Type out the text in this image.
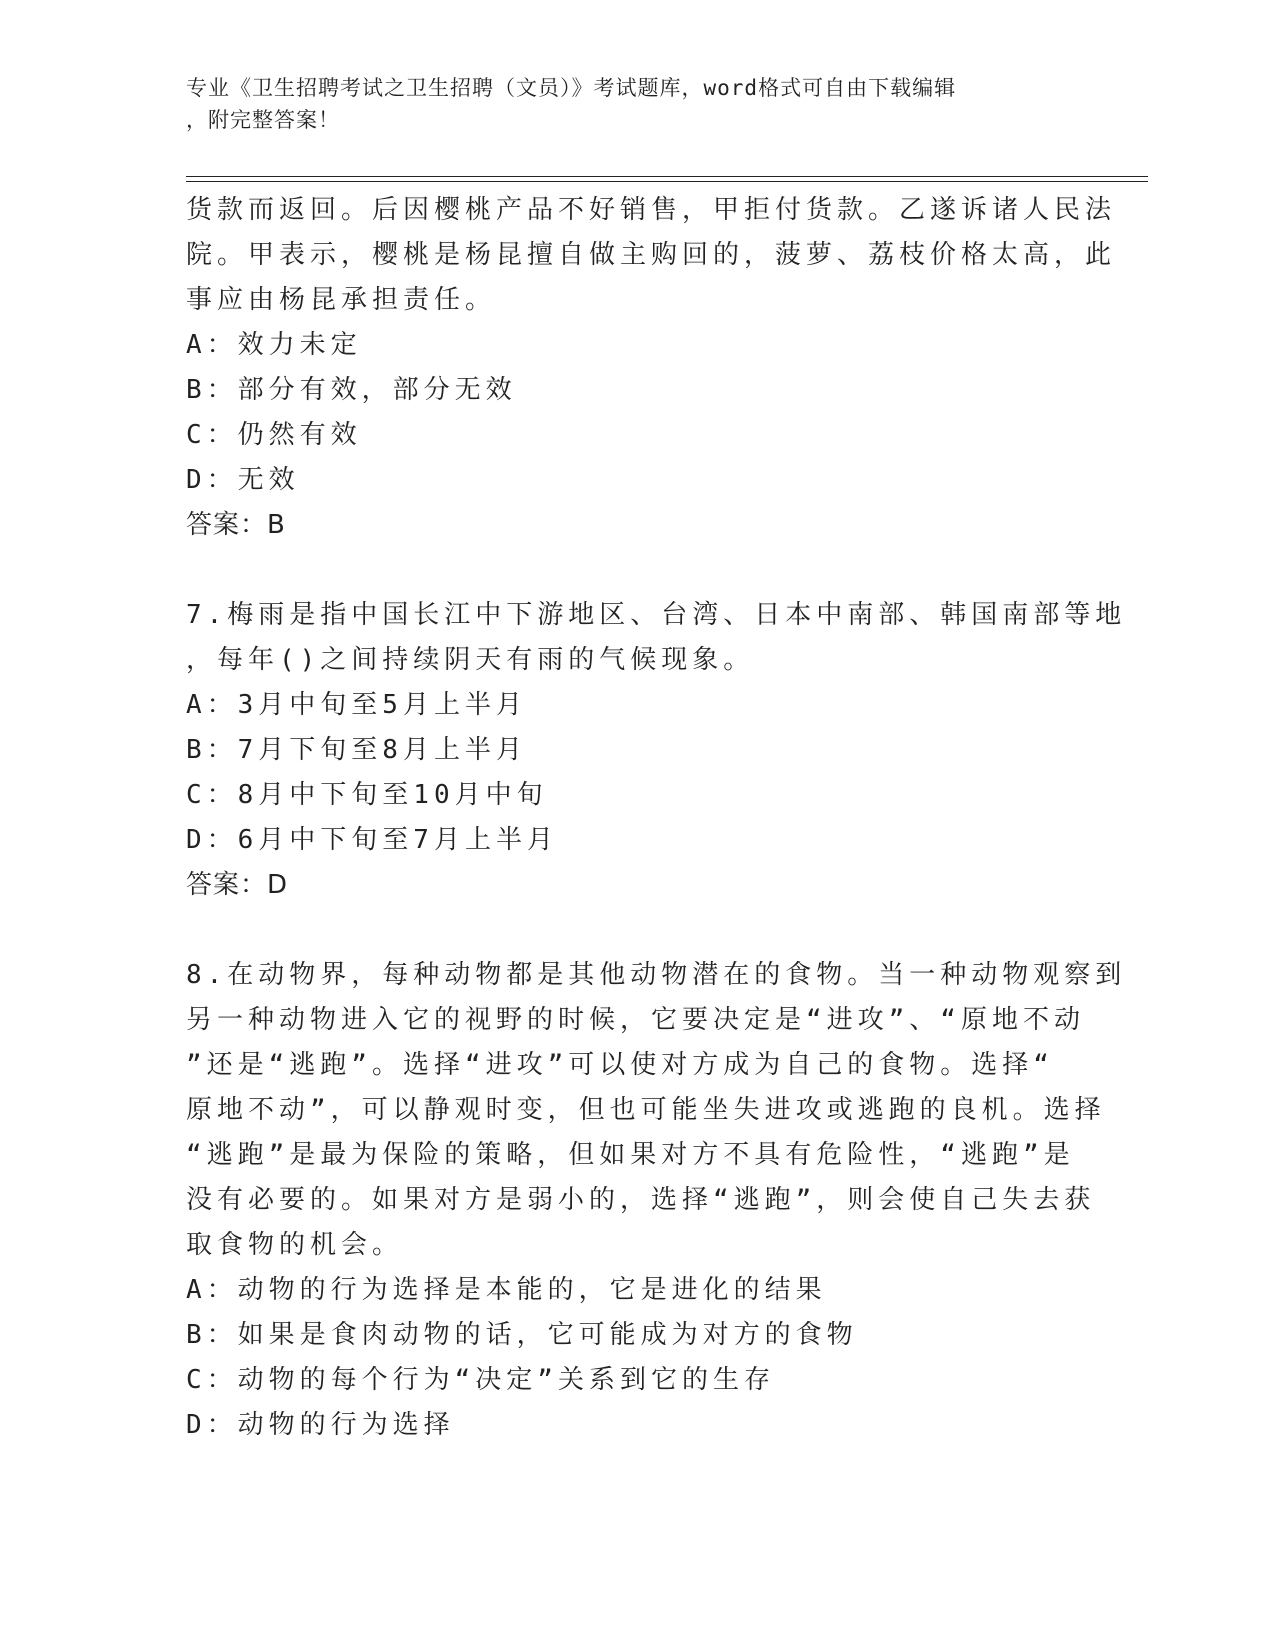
专业《卫生招聘考试之卫生招聘（文员）》考试题库，word格式可自由下载编辑
，附完整答案！
货款而返回。后因樱桃产品不好销售，甲拒付货款。乙遂诉诸人民法
院。甲表示，樱桃是杨昆擅自做主购回的，菠萝、荔枝价格太高，此
事应由杨昆承担责任。
A：效力未定
B：部分有效，部分无效
C：仍然有效
D：无效
答案：B
7.梅雨是指中国长江中下游地区、台湾、日本中南部、韩国南部等地
，每年()之间持续阴天有雨的气候现象。
A：3月中旬至5月上半月
B：7月下旬至8月上半月
C：8月中下旬至10月中旬
D：6月中下旬至7月上半月
答案：D
8.在动物界，每种动物都是其他动物潜在的食物。当一种动物观察到
另一种动物进入它的视野的时候，它要决定是“进攻”、“原地不动
”还是“逃跑”。选择“进攻”可以使对方成为自己的食物。选择“
原地不动”，可以静观时变，但也可能坐失进攻或逃跑的良机。选择
“逃跑”是最为保险的策略，但如果对方不具有危险性，“逃跑”是
没有必要的。如果对方是弱小的，选择“逃跑”，则会使自己失去获
取食物的机会。
A：动物的行为选择是本能的，它是进化的结果
B：如果是食肉动物的话，它可能成为对方的食物
C：动物的每个行为“决定”关系到它的生存
D：动物的行为选择
